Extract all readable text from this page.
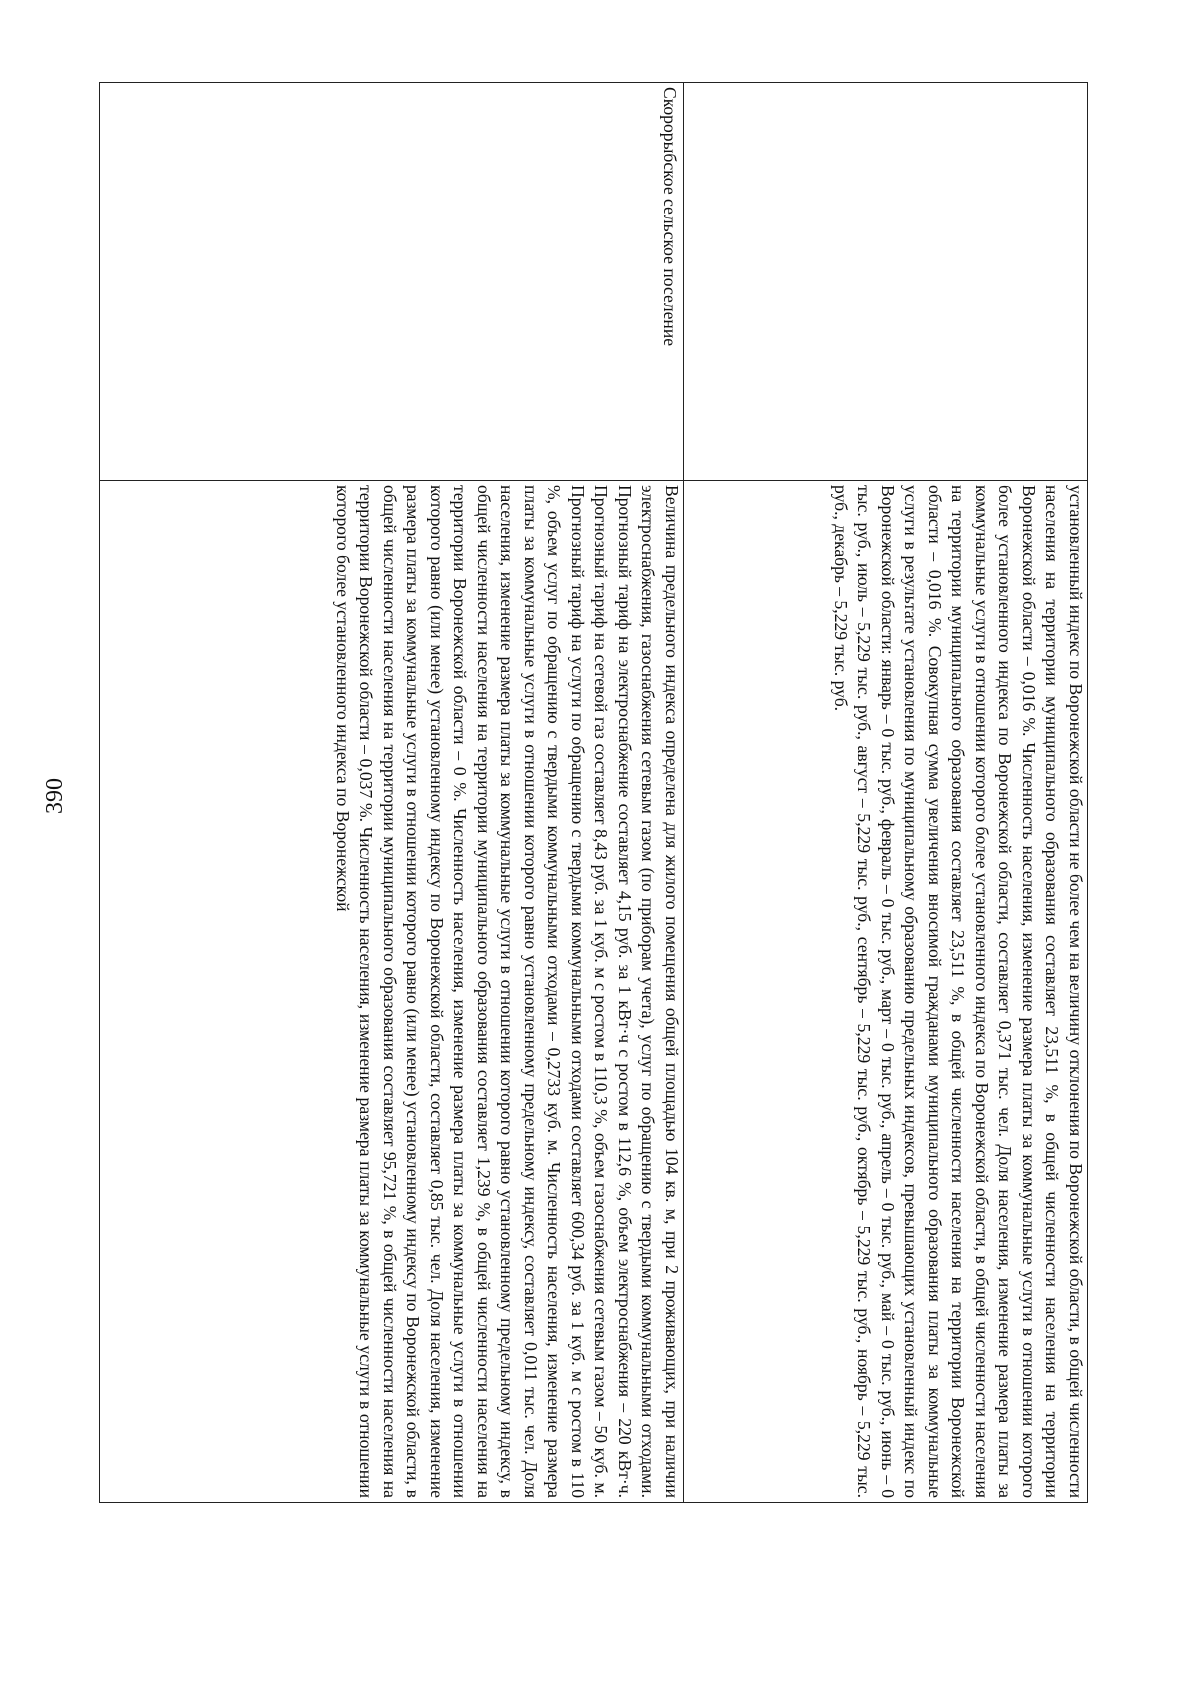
390
		установленный индекс по Воронежской области не более чем на величину отклонения по Воронежской области, в общей численности населения на территории муниципального образования составляет 23,511 %, в общей численности населения на территории Воронежской области – 0,016 %. Численность населения, изменение размера платы за коммунальные услуги в отношении которого более установленного индекса по Воронежской области, составляет 0,371 тыс. чел. Доля населения, изменение размера платы за коммунальные услуги в отношении которого более установленного индекса по Воронежской области, в общей численности населения на территории муниципального образования составляет 23,511 %, в общей численности населения на территории Воронежской области – 0,016 %. Совокупная сумма увеличения вносимой гражданами муниципального образования платы за коммунальные услуги в результате установления по муниципальному образованию предельных индексов, превышающих установленный индекс по Воронежской области: январь – 0 тыс. руб., февраль – 0 тыс. руб., март – 0 тыс. руб., апрель – 0 тыс. руб., май – 0 тыс. руб., июнь – 0 тыс. руб., июль – 5,229 тыс. руб., август – 5,229 тыс. руб., сентябрь – 5,229 тыс. руб., октябрь – 5,229 тыс. руб., ноябрь – 5,229 тыс. руб., декабрь – 5,229 тыс. руб.
Скорорыбское сельское поселение	Величина предельного индекса определена для жилого помещения общей площадью 104 кв. м, при 2 проживающих, при наличии электроснабжения, газоснабжения сетевым газом (по приборам учета), услуг по обращению с твердыми коммунальными отходами. Прогнозный тариф на электроснабжение составляет 4,15 руб. за 1 кВт·ч с ростом в 112,6 %, объем электроснабжения – 220 кВт·ч. Прогнозный тариф на сетевой газ составляет 8,43 руб. за 1 куб. м с ростом в 110,3 %, объем газоснабжения сетевым газом – 50 куб. м. Прогнозный тариф на услуги по обращению с твердыми коммунальными отходами составляет 600,34 руб. за 1 куб. м с ростом в 110 %, объем услуг по обращению с твердыми коммунальными отходами – 0,2733 куб. м. Численность населения, изменение размера платы за коммунальные услуги в отношении которого равно установленному предельному индексу, составляет 0,011 тыс. чел. Доля населения, изменение размера платы за коммунальные услуги в отношении которого равно установленному предельному индексу, в общей численности населения на территории муниципального образования составляет 1,239 %, в общей численности населения на территории Воронежской области – 0 %. Численность населения, изменение размера платы за коммунальные услуги в отношении которого равно (или менее) установленному индексу по Воронежской области, составляет 0,85 тыс. чел. Доля населения, изменение размера платы за коммунальные услуги в отношении которого равно (или менее) установленному индексу по Воронежской области, в общей численности населения на территории муниципального образования составляет 95,721 %, в общей численности населения на территории Воронежской области – 0,037 %. Численность населения, изменение размера платы за коммунальные услуги в отношении которого более установленного индекса по Воронежской
